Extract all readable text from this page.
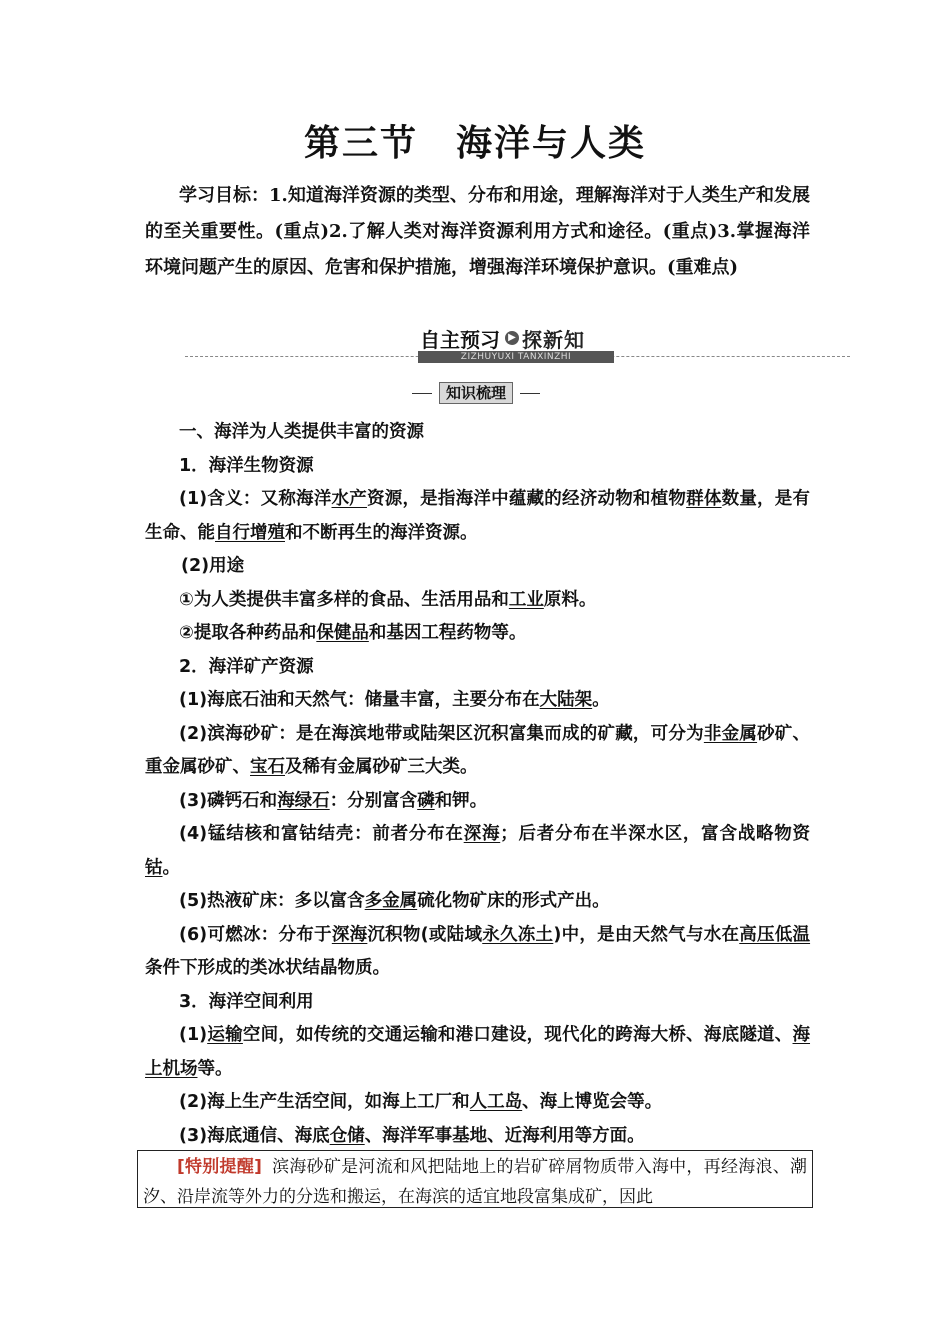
第三节　海洋与人类
学习目标：1.知道海洋资源的类型、分布和用途，理解海洋对于人类生产和发展的至关重要性。(重点)2.了解人类对海洋资源利用方式和途径。(重点)3.掌握海洋环境问题产生的原因、危害和保护措施，增强海洋环境保护意识。(重难点)
自主预习 ▶ 探新知
ZIZHUYUXI TANXINZHI
知识梳理

一、海洋为人类提供丰富的资源

1．海洋生物资源

(1)含义：又称海洋水产资源，是指海洋中蕴藏的经济动物和植物群体数量，是有生命、能自行增殖和不断再生的海洋资源。

(2)用途

①为人类提供丰富多样的食品、生活用品和工业原料。

②提取各种药品和保健品和基因工程药物等。

2．海洋矿产资源

(1)海底石油和天然气：储量丰富，主要分布在大陆架。

(2)滨海砂矿：是在海滨地带或陆架区沉积富集而成的矿藏，可分为非金属砂矿、重金属砂矿、宝石及稀有金属砂矿三大类。

(3)磷钙石和海绿石：分别富含磷和钾。

(4)锰结核和富钴结壳：前者分布在深海；后者分布在半深水区，富含战略物资钴。

(5)热液矿床：多以富含多金属硫化物矿床的形式产出。

(6)可燃冰：分布于深海沉积物(或陆域永久冻土)中，是由天然气与水在高压低温条件下形成的类冰状结晶物质。

3．海洋空间利用

(1)运输空间，如传统的交通运输和港口建设，现代化的跨海大桥、海底隧道、海上机场等。

(2)海上生产生活空间，如海上工厂和人工岛、海上博览会等。

(3)海底通信、海底仓储、海洋军事基地、近海利用等方面。

[特别提醒] 滨海砂矿是河流和风把陆地上的岩矿碎屑物质带入海中，再经海浪、潮汐、沿岸流等外力的分选和搬运，在海滨的适宜地段富集成矿，因此
